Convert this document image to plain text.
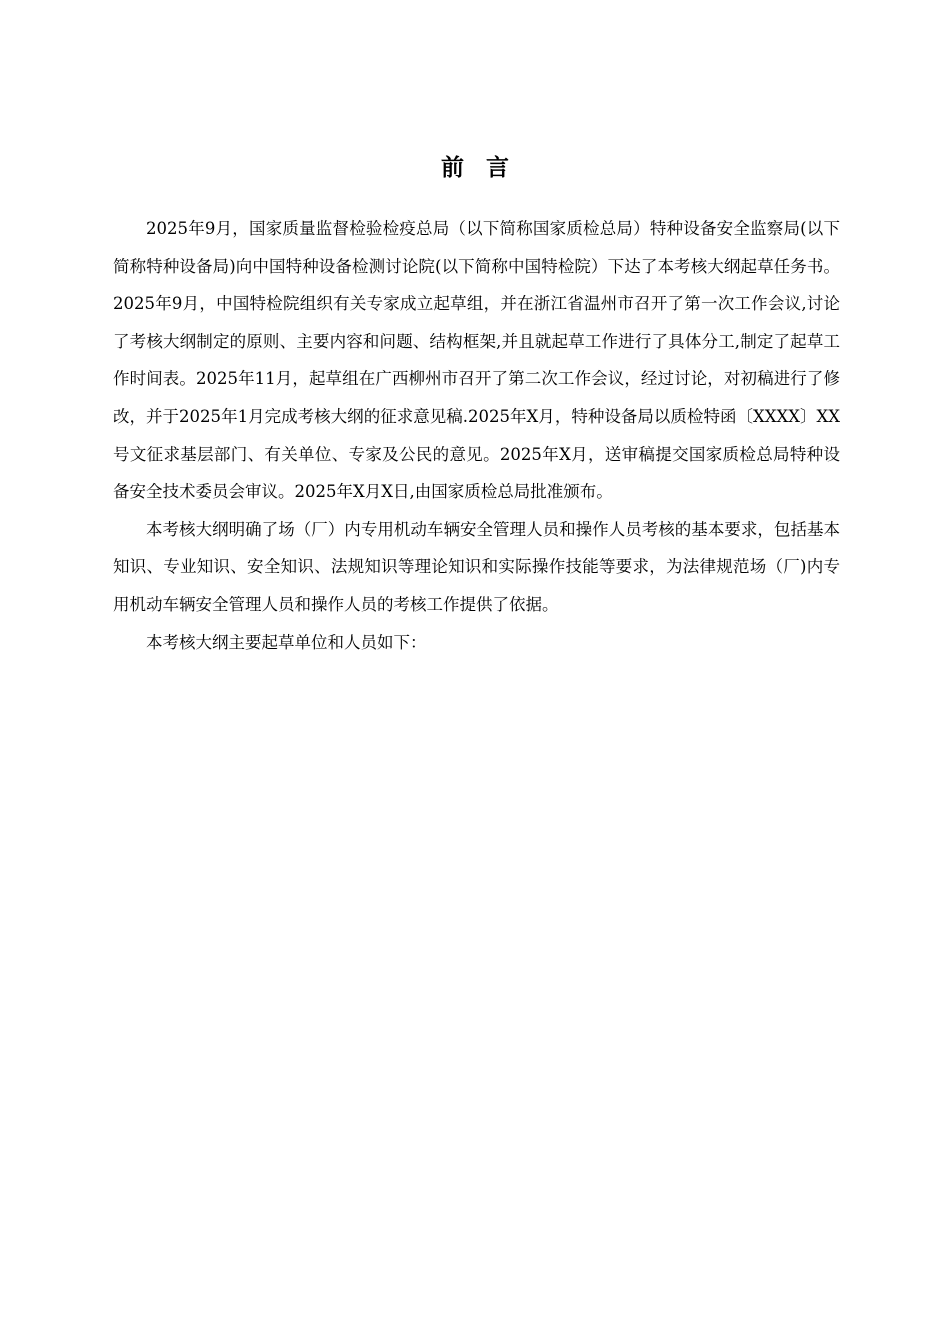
前言

2025年9月，国家质量监督检验检疫总局（以下简称国家质检总局）特种设备安全监察局(以下简称特种设备局)向中国特种设备检测讨论院(以下简称中国特检院）下达了本考核大纲起草任务书。2025年9月，中国特检院组织有关专家成立起草组，并在浙江省温州市召开了第一次工作会议,讨论了考核大纲制定的原则、主要内容和问题、结构框架,并且就起草工作进行了具体分工,制定了起草工作时间表。2025年11月，起草组在广西柳州市召开了第二次工作会议，经过讨论，对初稿进行了修改，并于2025年1月完成考核大纲的征求意见稿.2025年X月，特种设备局以质检特函〔XXXX〕XX号文征求基层部门、有关单位、专家及公民的意见。2025年X月，送审稿提交国家质检总局特种设备安全技术委员会审议。2025年X月X日,由国家质检总局批准颁布。

本考核大纲明确了场（厂）内专用机动车辆安全管理人员和操作人员考核的基本要求，包括基本知识、专业知识、安全知识、法规知识等理论知识和实际操作技能等要求，为法律规范场（厂)内专用机动车辆安全管理人员和操作人员的考核工作提供了依据。

本考核大纲主要起草单位和人员如下：
